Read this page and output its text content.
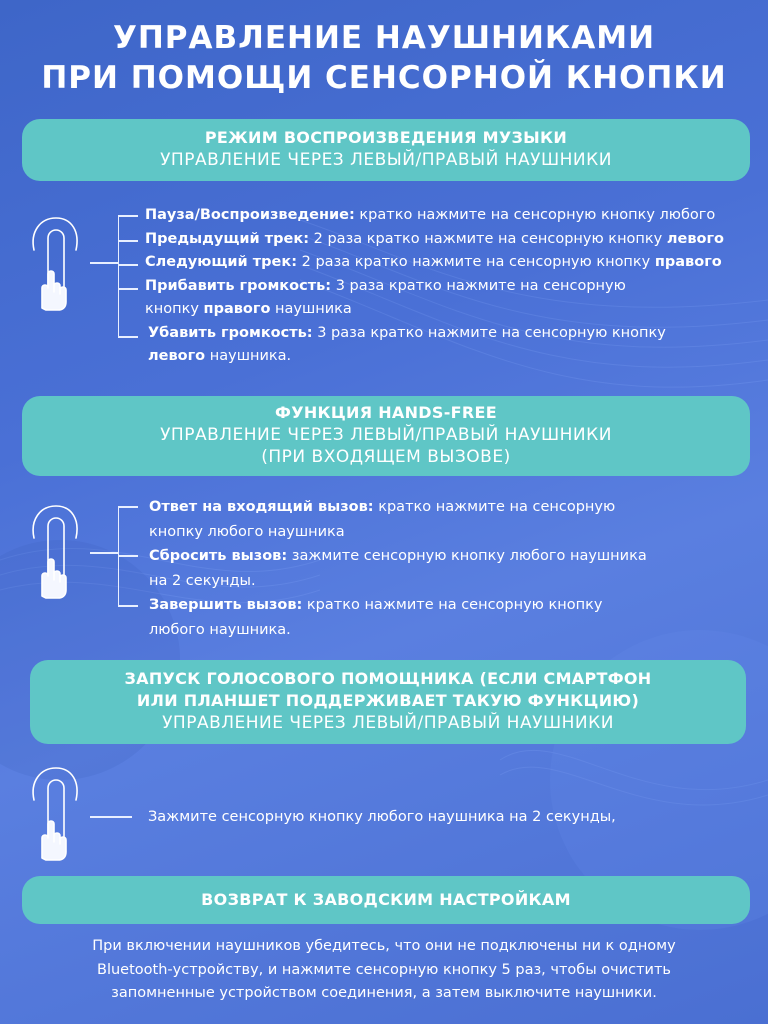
УПРАВЛЕНИЕ НАУШНИКАМИ
ПРИ ПОМОЩИ СЕНСОРНОЙ КНОПКИ
РЕЖИМ ВОСПРОИЗВЕДЕНИЯ МУЗЫКИ
УПРАВЛЕНИЕ ЧЕРЕЗ ЛЕВЫЙ/ПРАВЫЙ НАУШНИКИ
Пауза/Воспроизведение: кратко нажмите на сенсорную кнопку любого
Предыдущий трек: 2 раза кратко нажмите на сенсорную кнопку левого
Следующий трек: 2 раза кратко нажмите на сенсорную кнопку правого
Прибавить громкость: 3 раза кратко нажмите на сенсорную
кнопку правого наушника
Убавить громкость: 3 раза кратко нажмите на сенсорную кнопку
левого наушника.
ФУНКЦИЯ HANDS-FREE
УПРАВЛЕНИЕ ЧЕРЕЗ ЛЕВЫЙ/ПРАВЫЙ НАУШНИКИ
(ПРИ ВХОДЯЩЕМ ВЫЗОВЕ)
Ответ на входящий вызов: кратко нажмите на сенсорную
кнопку любого наушника
Сбросить вызов: зажмите сенсорную кнопку любого наушника
на 2 секунды.
Завершить вызов: кратко нажмите на сенсорную кнопку
любого наушника.
ЗАПУСК ГОЛОСОВОГО ПОМОЩНИКА (ЕСЛИ СМАРТФОН
ИЛИ ПЛАНШЕТ ПОДДЕРЖИВАЕТ ТАКУЮ ФУНКЦИЮ)
УПРАВЛЕНИЕ ЧЕРЕЗ ЛЕВЫЙ/ПРАВЫЙ НАУШНИКИ
Зажмите сенсорную кнопку любого наушника на 2 секунды,
ВОЗВРАТ К ЗАВОДСКИМ НАСТРОЙКАМ
При включении наушников убедитесь, что они не подключены ни к одному
Bluetooth-устройству, и нажмите сенсорную кнопку 5 раз, чтобы очистить
запомненные устройством соединения, а затем выключите наушники.
